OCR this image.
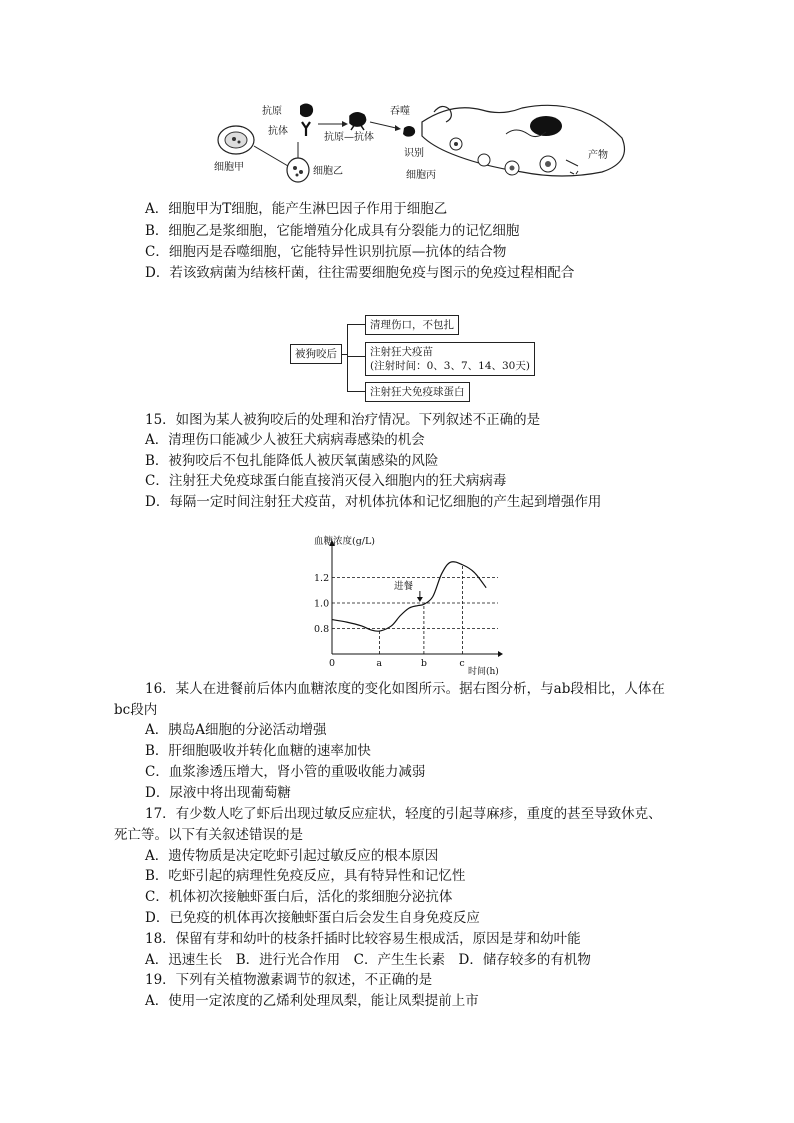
细胞甲	细胞乙
抗原
抗体
抗原—抗体
吞噬
识别
细胞丙
产物
A．细胞甲为T细胞，能产生淋巴因子作用于细胞乙
B．细胞乙是浆细胞，它能增殖分化成具有分裂能力的记忆细胞
C．细胞丙是吞噬细胞，它能特异性识别抗原—抗体的结合物
D．若该致病菌为结核杆菌，往往需要细胞免疫与图示的免疫过程相配合
被狗咬后
清理伤口，不包扎
注射狂犬疫苗
(注射时间：0、3、7、14、30天)
注射狂犬免疫球蛋白
15．如图为某人被狗咬后的处理和治疗情况。下列叙述不正确的是
A．清理伤口能减少人被狂犬病病毒感染的机会
B．被狗咬后不包扎能降低人被厌氧菌感染的风险
C．注射狂犬免疫球蛋白能直接消灭侵入细胞内的狂犬病病毒
D．每隔一定时间注射狂犬疫苗，对机体抗体和记忆细胞的产生起到增强作用
1.2
1.0
0.8
0	a	b	c
血糖浓度(g/L)
时间(h)
进餐
16．某人在进餐前后体内血糖浓度的变化如图所示。据右图分析，与ab段相比，人体在
bc段内
A．胰岛A细胞的分泌活动增强
B．肝细胞吸收并转化血糖的速率加快
C．血浆渗透压增大，肾小管的重吸收能力减弱
D．尿液中将出现葡萄糖
17．有少数人吃了虾后出现过敏反应症状，轻度的引起荨麻疹，重度的甚至导致休克、
死亡等。以下有关叙述错误的是
A．遗传物质是决定吃虾引起过敏反应的根本原因
B．吃虾引起的病理性免疫反应，具有特异性和记忆性
C．机体初次接触虾蛋白后，活化的浆细胞分泌抗体
D．已免疫的机体再次接触虾蛋白后会发生自身免疫反应
18．保留有芽和幼叶的枝条扦插时比较容易生根成活，原因是芽和幼叶能
A．迅速生长　B．进行光合作用　C．产生生长素　D．储存较多的有机物
19．下列有关植物激素调节的叙述，不正确的是
A．使用一定浓度的乙烯利处理凤梨，能让凤梨提前上市
